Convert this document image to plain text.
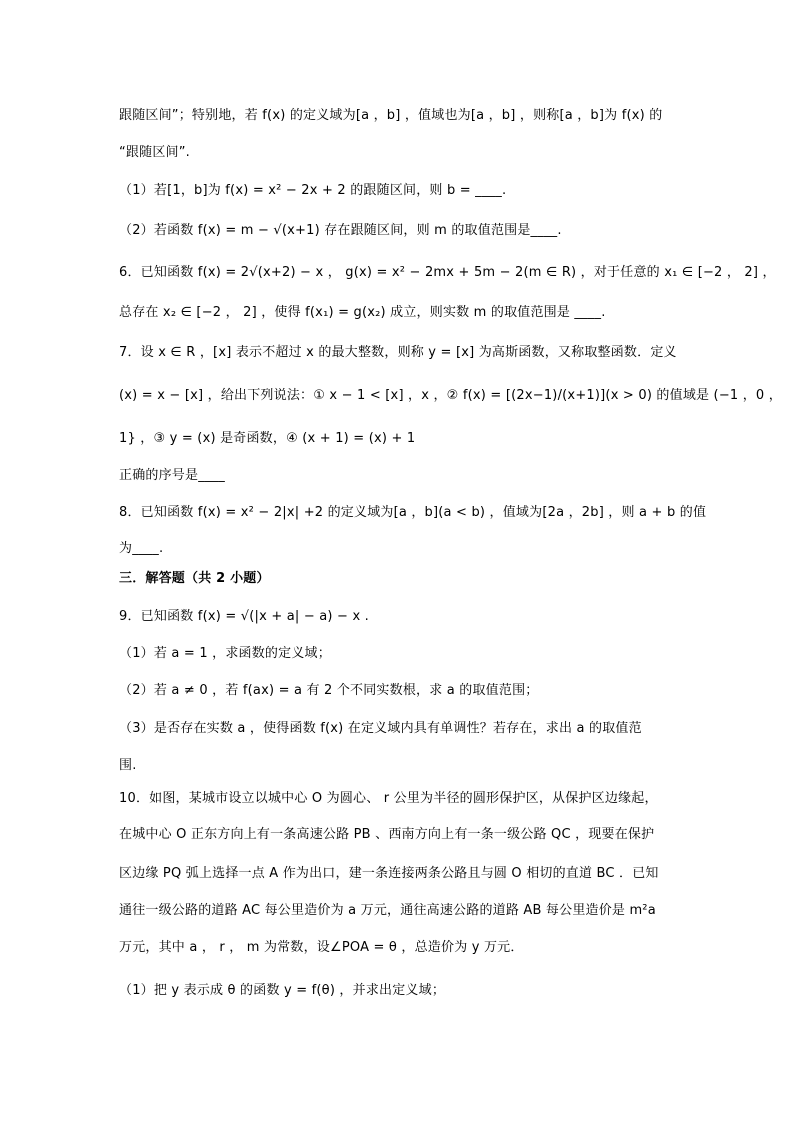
跟随区间”；特别地，若 f(x) 的定义域为[a ，b] ，值域也为[a ，b] ，则称[a ，b]为 f(x) 的
“跟随区间”.
（1）若[1，b]为 f(x) = x² − 2x + 2 的跟随区间，则 b = ____.
（2）若函数 f(x) = m − √(x+1) 存在跟随区间，则 m 的取值范围是____.
6．已知函数 f(x) = 2√(x+2) − x ， g(x) = x² − 2mx + 5m − 2(m ∈ R) ，对于任意的 x₁ ∈ [−2 ， 2] ，
总存在 x₂ ∈ [−2 ， 2] ，使得 f(x₁) = g(x₂) 成立，则实数 m 的取值范围是 ____.
7．设 x ∈ R ，[x] 表示不超过 x 的最大整数，则称 y = [x] 为高斯函数，又称取整函数．定义
(x) = x − [x] ，给出下列说法：① x − 1 < [x] ，x ，② f(x) = [(2x−1)/(x+1)](x > 0) 的值域是 (−1 ，0 ，
1} ，③ y = (x) 是奇函数，④ (x + 1) = (x) + 1
正确的序号是____
8．已知函数 f(x) = x² − 2|x| +2 的定义域为[a ，b](a < b) ，值域为[2a ，2b] ，则 a + b 的值
为____.
三．解答题（共 2 小题）
9．已知函数 f(x) = √(|x + a| − a) − x .
（1）若 a = 1 ，求函数的定义域；
（2）若 a ≠ 0 ，若 f(ax) = a 有 2 个不同实数根，求 a 的取值范围；
（3）是否存在实数 a ，使得函数 f(x) 在定义域内具有单调性？若存在，求出 a 的取值范
围.
10．如图，某城市设立以城中心 O 为圆心、 r 公里为半径的圆形保护区，从保护区边缘起，
在城中心 O 正东方向上有一条高速公路 PB 、西南方向上有一条一级公路 QC ，现要在保护
区边缘 PQ 弧上选择一点 A 作为出口，建一条连接两条公路且与圆 O 相切的直道 BC ．已知
通往一级公路的道路 AC 每公里造价为 a 万元，通往高速公路的道路 AB 每公里造价是 m²a
万元，其中 a ， r ， m 为常数，设∠POA = θ ，总造价为 y 万元．
（1）把 y 表示成 θ 的函数 y = f(θ) ，并求出定义域；
